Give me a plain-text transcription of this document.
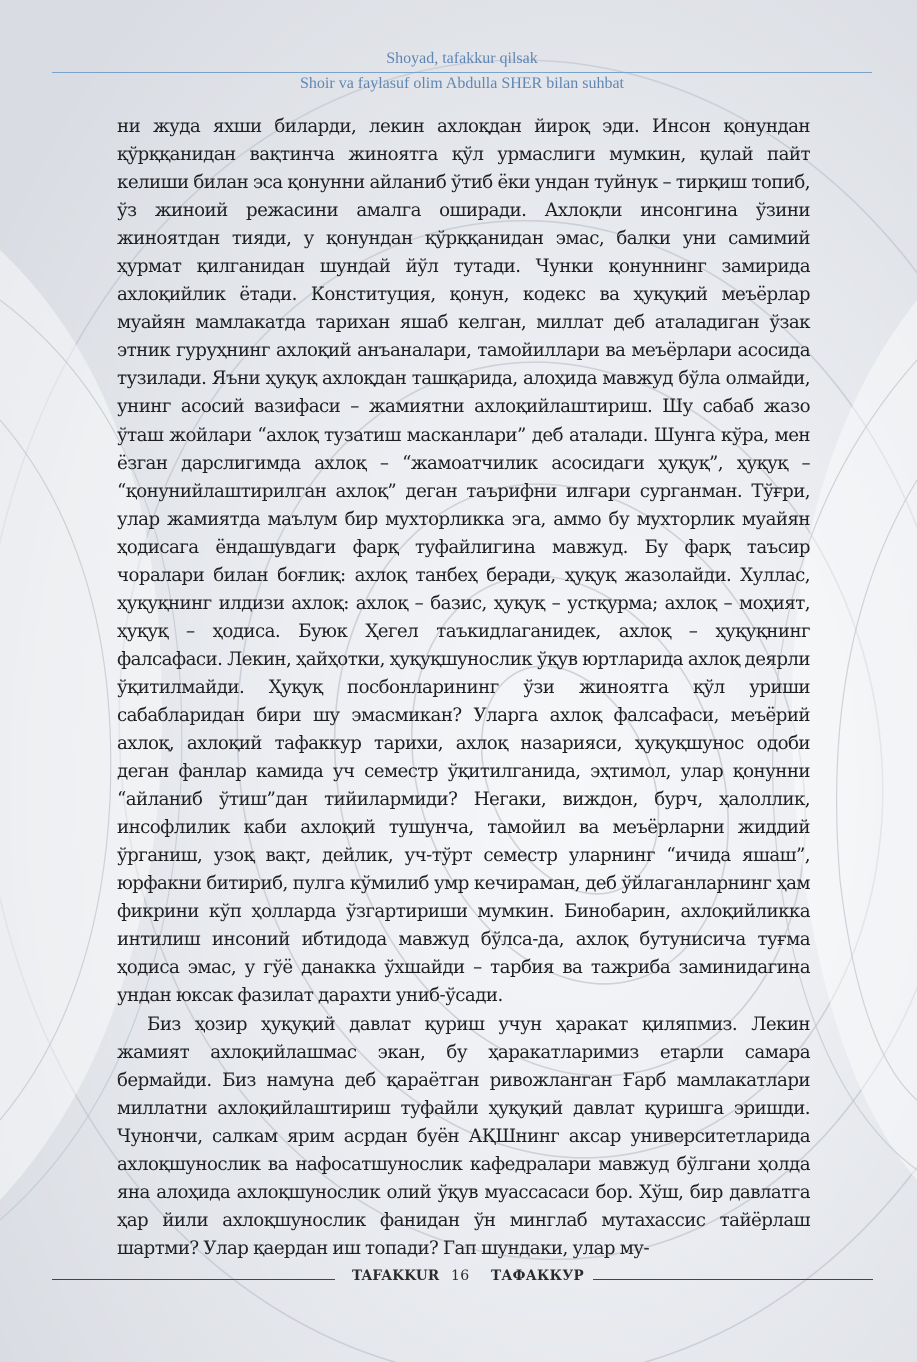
Shoyad, tafakkur qilsak
Shoir va faylasuf olim Abdulla SHER bilan suhbat

ни жуда яхши биларди, лекин ахлоқдан йироқ эди. Инсон қонундан қўрққанидан вақтинча жиноятга қўл урмаслиги мумкин, қулай пайт келиши билан эса қонунни айланиб ўтиб ёки ундан туйнук – тирқиш топиб, ўз жиноий режасини амалга оширади. Ахлоқли инсонгина ўзини жиноятдан тияди, у қонундан қўрққанидан эмас, балки уни самимий ҳурмат қилганидан шундай йўл тутади. Чунки қонуннинг замирида ахлоқийлик ётади. Конституция, қонун, кодекс ва ҳуқуқий меъёрлар муайян мамлакатда тарихан яшаб келган, миллат деб аталадиган ўзак этник гуруҳнинг ахлоқий анъаналари, тамойиллари ва меъёрлари асосида тузилади. Яъни ҳуқуқ ахлоқдан ташқарида, алоҳида мавжуд бўла олмайди, унинг асосий вазифаси – жамиятни ахлоқийлаштириш. Шу сабаб жазо ўташ жойлари “ахлоқ тузатиш масканлари” деб аталади. Шунга кўра, мен ёзган дарслигимда ахлоқ – “жамоатчилик асосидаги ҳуқуқ”, ҳуқуқ – “қонунийлаштирилган ахлоқ” деган таърифни илгари сурганман. Тўғри, улар жамиятда маълум бир мухторликка эга, аммо бу мухторлик муайян ҳодисага ёндашувдаги фарқ туфайлигина мавжуд. Бу фарқ таъсир чоралари билан боғлиқ: ахлоқ танбеҳ беради, ҳуқуқ жазолайди. Хуллас, ҳуқуқнинг илдизи ахлоқ: ахлоқ – базис, ҳуқуқ – устқурма; ахлоқ – моҳият, ҳуқуқ – ҳодиса. Буюк Ҳегел таъкидлаганидек, ахлоқ – ҳуқуқнинг фалсафаси. Лекин, ҳайҳотки, ҳуқуқшунослик ўқув юртларида ахлоқ деярли ўқитилмайди. Ҳуқуқ посбонларининг ўзи жиноятга қўл уриши сабабларидан бири шу эмасмикан? Уларга ахлоқ фалсафаси, меъёрий ахлоқ, ахлоқий тафаккур тарихи, ахлоқ назарияси, ҳуқуқшунос одоби деган фанлар камида уч семестр ўқитилганида, эҳтимол, улар қонунни “айланиб ўтиш”дан тийилармиди? Негаки, виждон, бурч, ҳалоллик, инсофлилик каби ахлоқий тушунча, тамойил ва меъёрларни жиддий ўрганиш, узоқ вақт, дейлик, уч-тўрт семестр уларнинг “ичида яшаш”, юрфакни битириб, пулга кўмилиб умр кечираман, деб ўйлаганларнинг ҳам фикрини кўп ҳолларда ўзгартириши мумкин. Бинобарин, ахлоқийликка интилиш инсоний ибтидода мавжуд бўлса-да, ахлоқ бутунисича туғма ҳодиса эмас, у гўё данакка ўхшайди – тарбия ва тажриба заминидагина ундан юксак фазилат дарахти униб-ўсади.

Биз ҳозир ҳуқуқий давлат қуриш учун ҳаракат қиляпмиз. Лекин жамият ахлоқийлашмас экан, бу ҳаракатларимиз етарли самара бермайди. Биз намуна деб қараётган ривожланган Ғарб мамлакатлари миллатни ахлоқийлаштириш туфайли ҳуқуқий давлат қуришга эришди. Чунончи, салкам ярим асрдан буён АҚШнинг аксар университетларида ахлоқшунослик ва нафосатшунослик кафедралари мавжуд бўлгани ҳолда яна алоҳида ахлоқшунослик олий ўқув муассасаси бор. Хўш, бир давлатга ҳар йили ахлоқшунослик фанидан ўн минглаб мутахассис тайёрлаш шартми? Улар қаердан иш топади? Гап шундаки, улар му-

TAFAKKUR 16 ТАФАККУР
